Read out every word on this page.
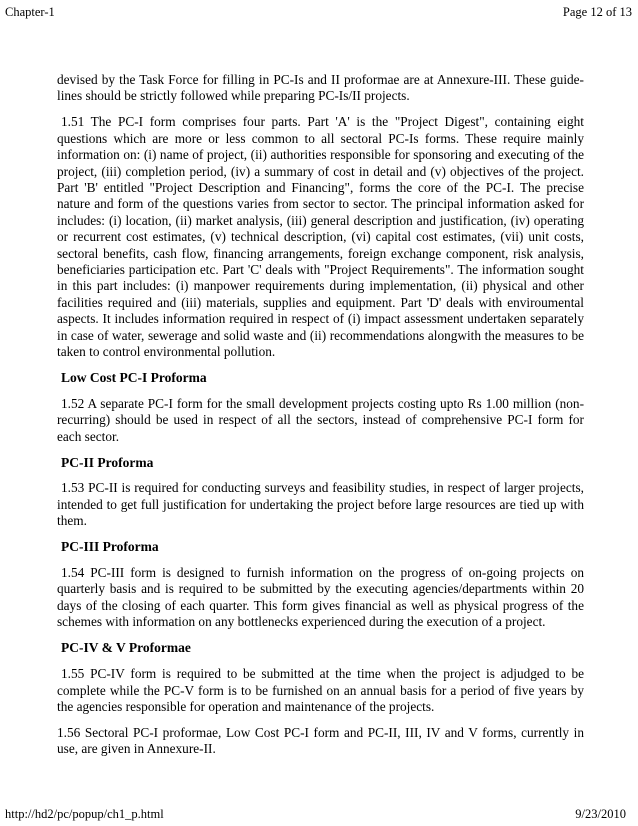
Chapter-1	Page 12 of 13

devised by the Task Force for filling in PC-Is and II proformae are at Annexure-III. These guide-lines should be strictly followed while preparing PC-Is/II projects.

1.51 The PC-I form comprises four parts. Part 'A' is the "Project Digest", containing eight questions which are more or less common to all sectoral PC-Is forms. These require mainly information on: (i) name of project, (ii) authorities responsible for sponsoring and executing of the project, (iii) completion period, (iv) a summary of cost in detail and (v) objectives of the project. Part 'B' entitled "Project Description and Financing", forms the core of the PC-I. The precise nature and form of the questions varies from sector to sector. The principal information asked for includes: (i) location, (ii) market analysis, (iii) general description and justification, (iv) operating or recurrent cost estimates, (v) technical description, (vi) capital cost estimates, (vii) unit costs, sectoral benefits, cash flow, financing arrangements, foreign exchange component, risk analysis, beneficiaries participation etc. Part 'C' deals with "Project Requirements". The information sought in this part includes: (i) manpower requirements during implementation, (ii) physical and other facilities required and (iii) materials, supplies and equipment. Part 'D' deals with enviroumental aspects. It includes information required in respect of (i) impact assessment undertaken separately in case of water, sewerage and solid waste and (ii) recommendations alongwith the measures to be taken to control environmental pollution.

Low Cost PC-I Proforma

1.52 A separate PC-I form for the small development projects costing upto Rs 1.00 million (non-recurring) should be used in respect of all the sectors, instead of comprehensive PC-I form for each sector.

PC-II Proforma

1.53 PC-II is required for conducting surveys and feasibility studies, in respect of larger projects, intended to get full justification for undertaking the project before large resources are tied up with them.

PC-III Proforma

1.54 PC-III form is designed to furnish information on the progress of on-going projects on quarterly basis and is required to be submitted by the executing agencies/departments within 20 days of the closing of each quarter. This form gives financial as well as physical progress of the schemes with information on any bottlenecks experienced during the execution of a project.

PC-IV & V Proformae

1.55 PC-IV form is required to be submitted at the time when the project is adjudged to be complete while the PC-V form is to be furnished on an annual basis for a period of five years by the agencies responsible for operation and maintenance of the projects.

1.56 Sectoral PC-I proformae, Low Cost PC-I form and PC-II, III, IV and V forms, currently in use, are given in Annexure-II.

http://hd2/pc/popup/ch1_p.html	9/23/2010
